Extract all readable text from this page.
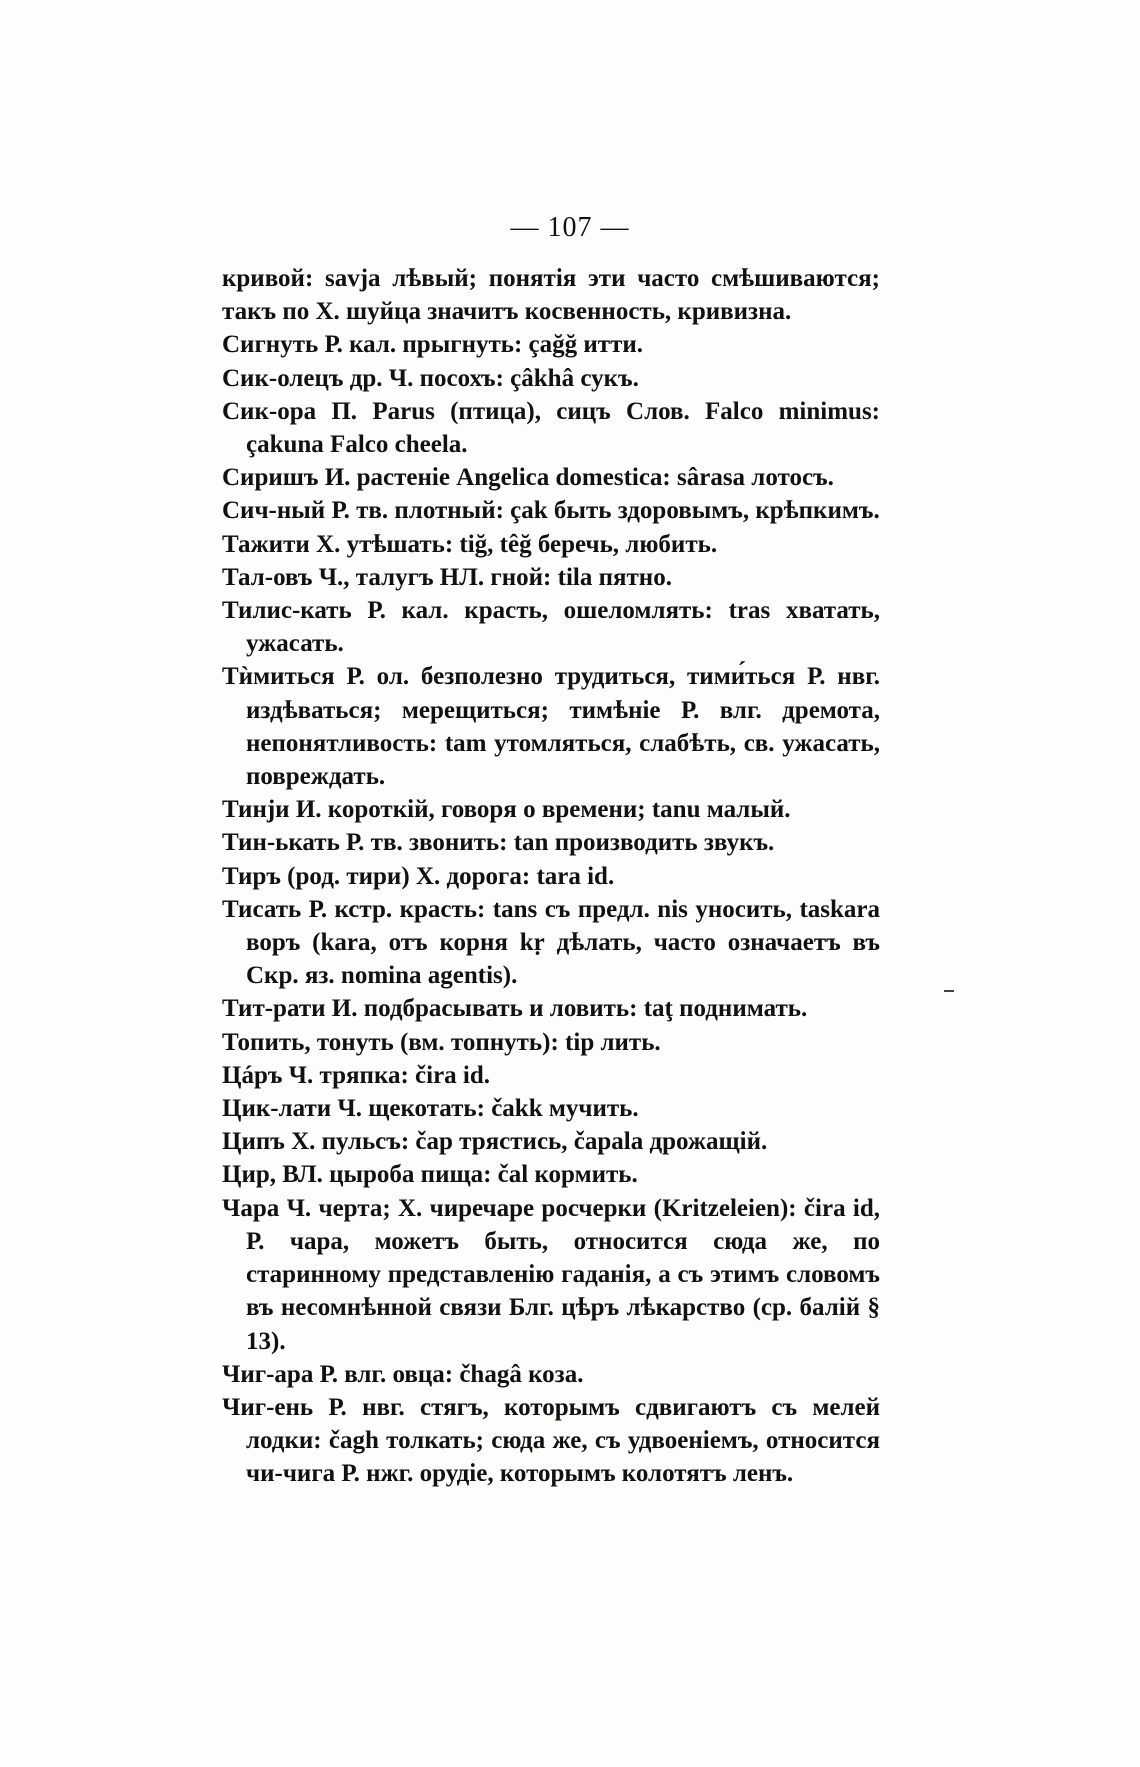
— 107 —
кривой: savja лѣвый; понятія эти часто смѣшиваются; такъ по Х. шуйца значитъ косвенность, кривизна.
Сигнуть Р. кал. прыгнуть: çağğ итти.
Сик-олецъ др. Ч. посохъ: çâkhâ сукъ.
Сик-ора П. Parus (птица), сицъ Слов. Falco minimus: çakuna Falco cheela.
Сиришъ И. растеніе Angelica domestica: sârasa лотосъ.
Сич-ный Р. тв. плотный: çak быть здоровымъ, крѣпкимъ.
Тажити Х. утѣшать: tiğ, têğ беречь, любить.
Тал-овъ Ч., талугъ НЛ. гной: tila пятно.
Тилис-кать Р. кал. красть, ошеломлять: tras хватать, ужасать.
Тѝмиться Р. ол. безполезно трудиться, тими́ться Р. нвг. издѣваться; мерещиться; тимѣніе Р. влг. дремота, непонятливость: tam утомляться, слабѣть, св. ужасать, повреждать.
Тинји И. короткій, говоря о времени; tanu малый.
Тин-ькать Р. тв. звонить: tan производить звукъ.
Тиръ (род. тири) Х. дорога: tara id.
Тисать Р. кстр. красть: tans съ предл. nis уносить, taskara воръ (kara, отъ корня kṛ дѣлать, часто означаетъ въ Скр. яз. nomina agentis).
Тит-рати И. подбрасывать и ловить: taţ поднимать.
Топить, тонуть (вм. топнуть): tip лить.
Цáръ Ч. тряпка: čira id.
Цик-лати Ч. щекотать: čakk мучить.
Ципъ Х. пульсъ: čap трястись, čapala дрожащій.
Цир, ВЛ. цыроба пища: čal кормить.
Чара Ч. черта; Х. чиречаре росчерки (Kritzeleien): čira id, Р. чара, можетъ быть, относится сюда же, по старинному представленію гаданія, а съ этимъ словомъ въ несомнѣнной связи Блг. цѣръ лѣкарство (ср. балій § 13).
Чиг-ара Р. влг. овца: čhagâ коза.
Чиг-ень Р. нвг. стягъ, которымъ сдвигаютъ съ мелей лодки: čagh толкать; сюда же, съ удвоеніемъ, относится чи-чига Р. нжг. орудіе, которымъ колотятъ ленъ.
